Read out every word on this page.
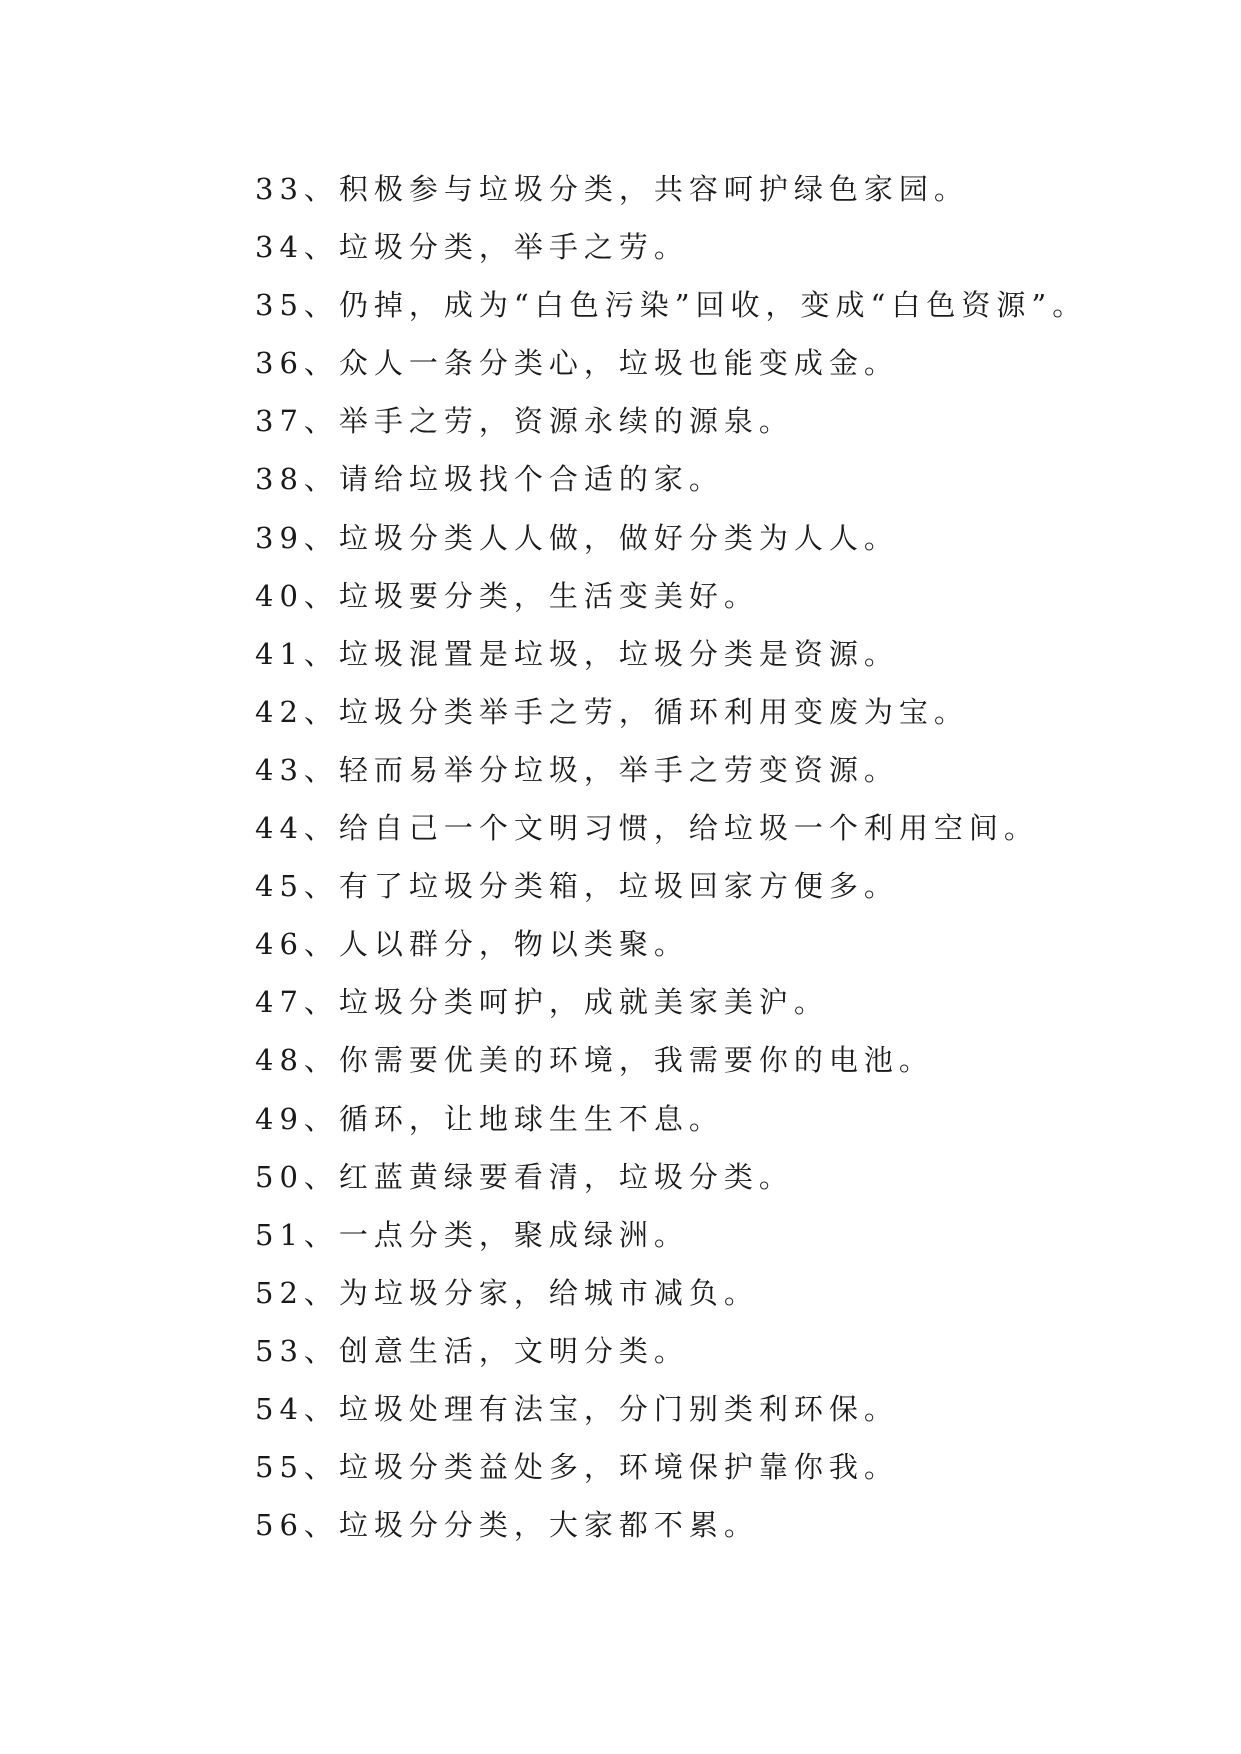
33、积极参与垃圾分类，共容呵护绿色家园。
34、垃圾分类，举手之劳。
35、仍掉，成为“白色污染”回收，变成“白色资源”。
36、众人一条分类心，垃圾也能变成金。
37、举手之劳，资源永续的源泉。
38、请给垃圾找个合适的家。
39、垃圾分类人人做，做好分类为人人。
40、垃圾要分类，生活变美好。
41、垃圾混置是垃圾，垃圾分类是资源。
42、垃圾分类举手之劳，循环利用变废为宝。
43、轻而易举分垃圾，举手之劳变资源。
44、给自己一个文明习惯，给垃圾一个利用空间。
45、有了垃圾分类箱，垃圾回家方便多。
46、人以群分，物以类聚。
47、垃圾分类呵护，成就美家美沪。
48、你需要优美的环境，我需要你的电池。
49、循环，让地球生生不息。
50、红蓝黄绿要看清，垃圾分类。
51、一点分类，聚成绿洲。
52、为垃圾分家，给城市减负。
53、创意生活，文明分类。
54、垃圾处理有法宝，分门别类利环保。
55、垃圾分类益处多，环境保护靠你我。
56、垃圾分分类，大家都不累。
